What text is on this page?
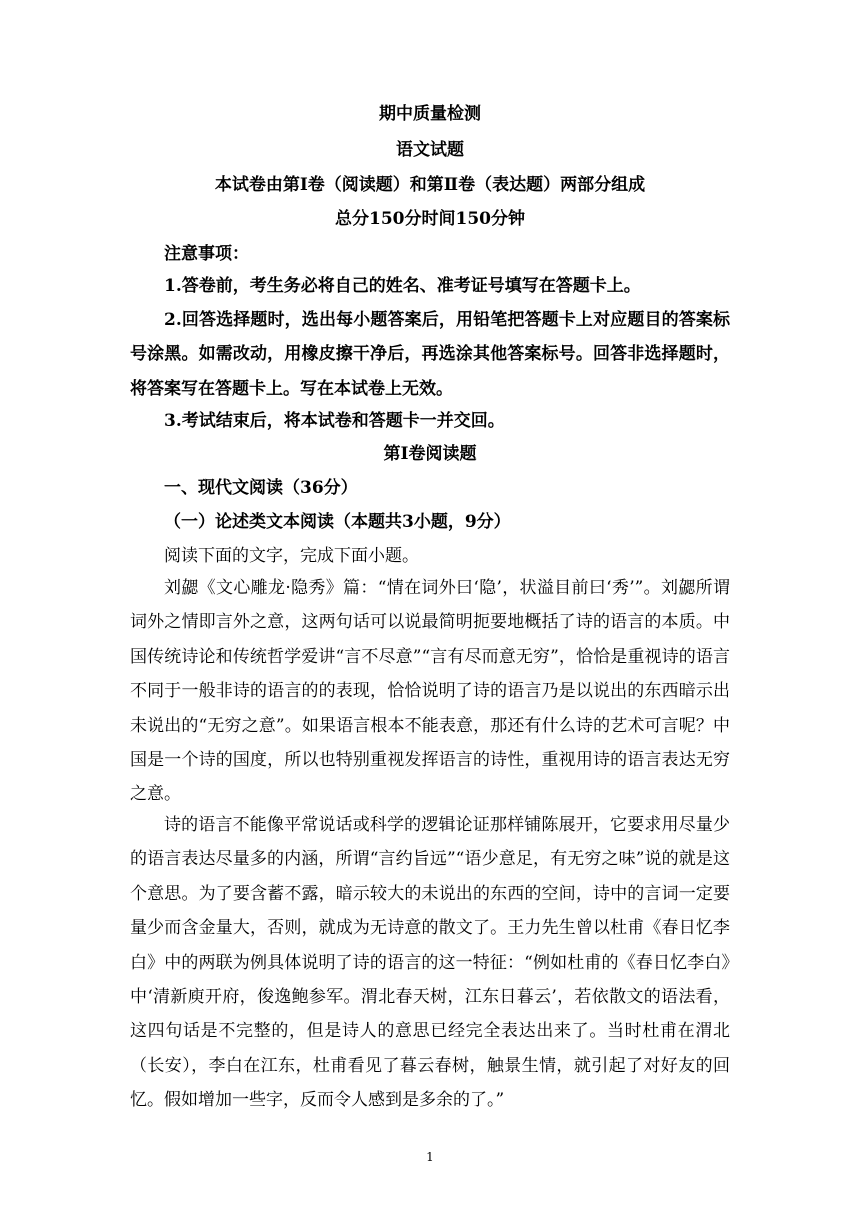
期中质量检测
语文试题
本试卷由第Ⅰ卷（阅读题）和第Ⅱ卷（表达题）两部分组成
总分150分时间150分钟
注意事项：
1.答卷前，考生务必将自己的姓名、准考证号填写在答题卡上。
2.回答选择题时，选出每小题答案后，用铅笔把答题卡上对应题目的答案标号涂黑。如需改动，用橡皮擦干净后，再选涂其他答案标号。回答非选择题时，将答案写在答题卡上。写在本试卷上无效。
3.考试结束后，将本试卷和答题卡一并交回。
第Ⅰ卷阅读题
一、现代文阅读（36分）
（一）论述类文本阅读（本题共3小题，9分）
阅读下面的文字，完成下面小题。
刘勰《文心雕龙·隐秀》篇：“情在词外曰‘隐’，状溢目前曰‘秀’”。刘勰所谓词外之情即言外之意，这两句话可以说最简明扼要地概括了诗的语言的本质。中国传统诗论和传统哲学爱讲“言不尽意”“言有尽而意无穷”，恰恰是重视诗的语言不同于一般非诗的语言的的表现，恰恰说明了诗的语言乃是以说出的东西暗示出未说出的“无穷之意”。如果语言根本不能表意，那还有什么诗的艺术可言呢？中国是一个诗的国度，所以也特别重视发挥语言的诗性，重视用诗的语言表达无穷之意。
诗的语言不能像平常说话或科学的逻辑论证那样铺陈展开，它要求用尽量少的语言表达尽量多的内涵，所谓“言约旨远”“语少意足，有无穷之味”说的就是这个意思。为了要含蓄不露，暗示较大的未说出的东西的空间，诗中的言词一定要量少而含金量大，否则，就成为无诗意的散文了。王力先生曾以杜甫《春日忆李白》中的两联为例具体说明了诗的语言的这一特征：“例如杜甫的《春日忆李白》中‘清新庾开府，俊逸鲍参军。渭北春天树，江东日暮云’，若依散文的语法看，这四句话是不完整的，但是诗人的意思已经完全表达出来了。当时杜甫在渭北（长安），李白在江东，杜甫看见了暮云春树，触景生情，就引起了对好友的回忆。假如增加一些字，反而令人感到是多余的了。”
1
